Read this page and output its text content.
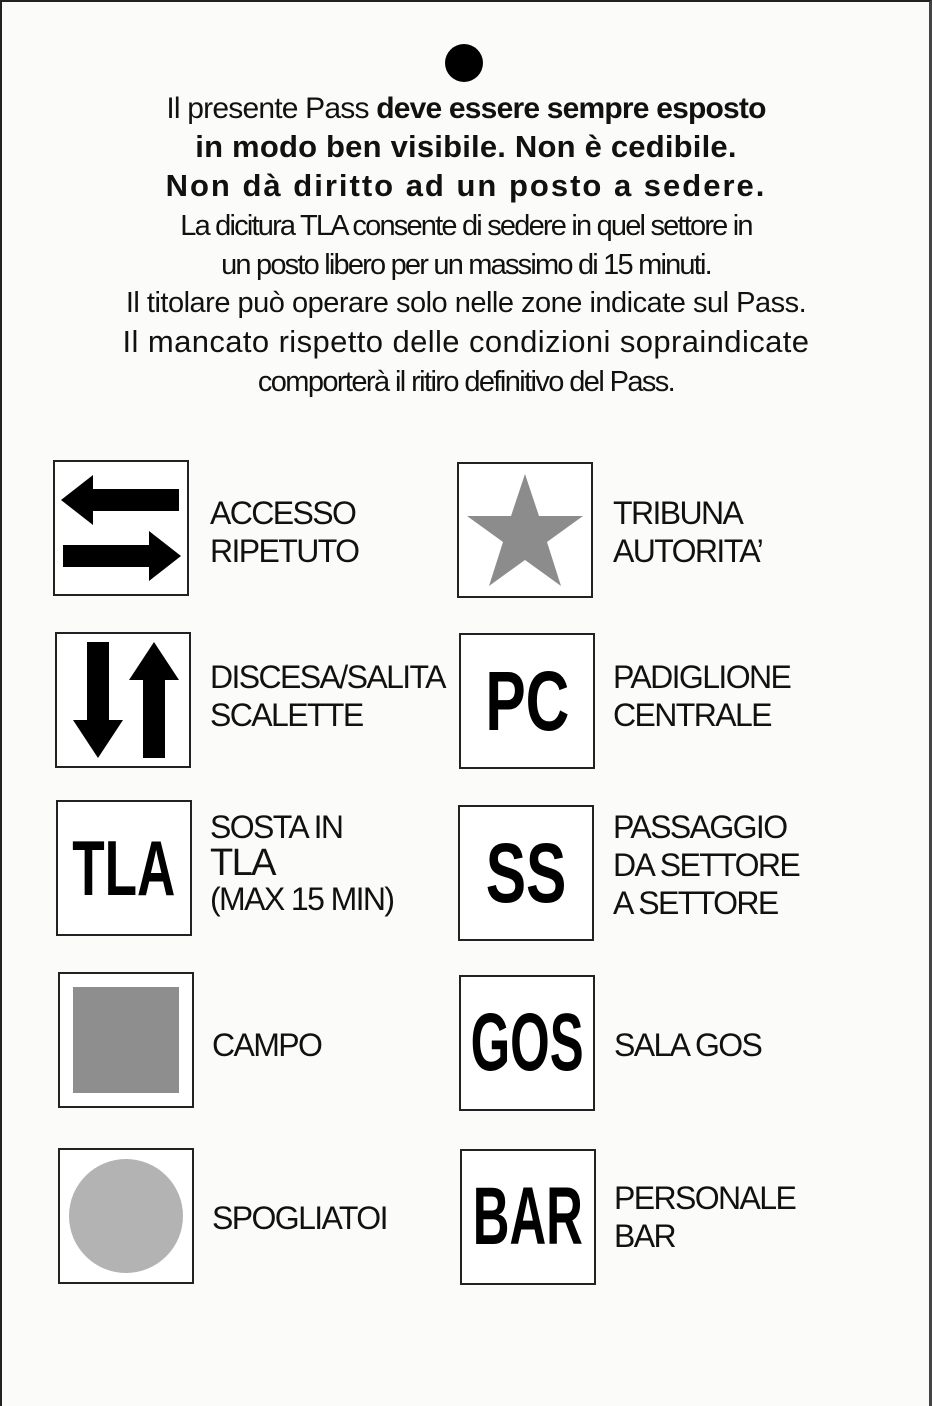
Il presente Pass deve essere sempre esposto
in modo ben visibile. Non è cedibile.
Non dà diritto ad un posto a sedere.
La dicitura TLA consente di sedere in quel settore in
un posto libero per un massimo di 15 minuti.
Il titolare può operare solo nelle zone indicate sul Pass.
Il mancato rispetto delle condizioni sopraindicate
comporterà il ritiro definitivo del Pass.
ACCESSO
RIPETUTO
TRIBUNA
AUTORITA’
DISCESA/SALITA
SCALETTE	PC PADIGLIONE
CENTRALE
TLA SOSTA IN
TLA
(MAX 15 MIN) SS PASSAGGIO
DA SETTORE
A SETTORE
CAMPO GOS SALA GOS
SPOGLIATOI BAR PERSONALE
BAR
